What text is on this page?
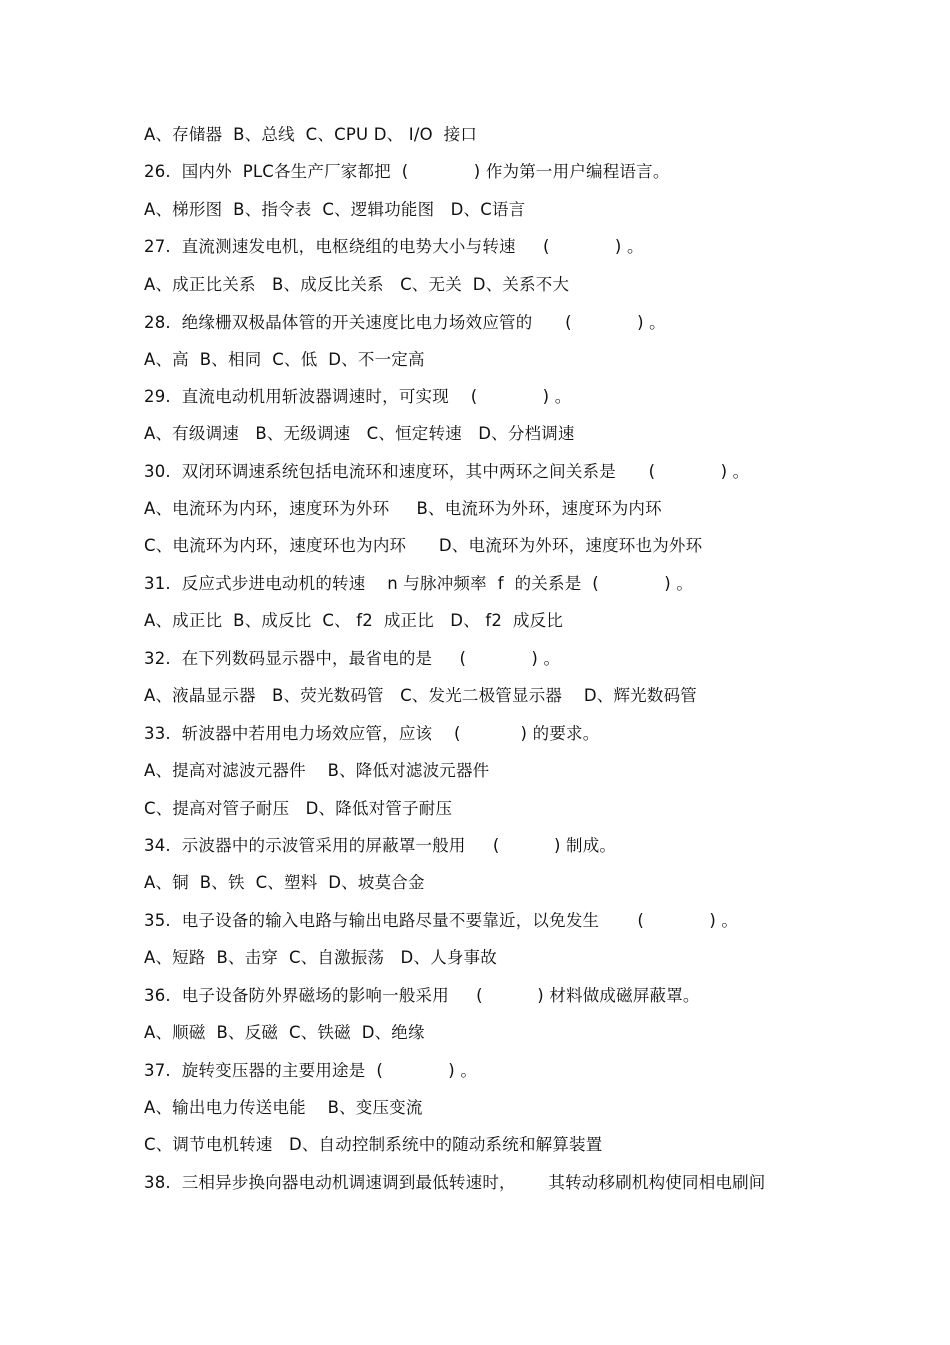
A、存储器  B、总线  C、CPU D、 I/O  接口
26.  国内外  PLC各生产厂家都把  (            ) 作为第一用户编程语言。
A、梯形图  B、指令表  C、逻辑功能图   D、C语言
27.  直流测速发电机，电枢绕组的电势大小与转速     (            ) 。
A、成正比关系   B、成反比关系   C、无关  D、关系不大
28.  绝缘栅双极晶体管的开关速度比电力场效应管的      (            ) 。
A、高  B、相同  C、低  D、不一定高
29.  直流电动机用斩波器调速时，可实现    (            ) 。
A、有级调速   B、无级调速   C、恒定转速   D、分档调速
30.  双闭环调速系统包括电流环和速度环，其中两环之间关系是      (            ) 。
A、电流环为内环，速度环为外环     B、电流环为外环，速度环为内环
C、电流环为内环，速度环也为内环      D、电流环为外环，速度环也为外环
31.  反应式步进电动机的转速    n 与脉冲频率  f  的关系是  (            ) 。
A、成正比  B、成反比  C、 f2  成正比   D、 f2  成反比
32.  在下列数码显示器中，最省电的是     (            ) 。
A、液晶显示器   B、荧光数码管   C、发光二极管显示器    D、辉光数码管
33.  斩波器中若用电力场效应管，应该    (           ) 的要求。
A、提高对滤波元器件    B、降低对滤波元器件
C、提高对管子耐压   D、降低对管子耐压
34.  示波器中的示波管采用的屏蔽罩一般用     (          ) 制成。
A、铜  B、铁  C、塑料  D、坡莫合金
35.  电子设备的输入电路与输出电路尽量不要靠近，以免发生       (            ) 。
A、短路  B、击穿  C、自激振荡   D、人身事故
36.  电子设备防外界磁场的影响一般采用     (          ) 材料做成磁屏蔽罩。
A、顺磁  B、反磁  C、铁磁  D、绝缘
37.  旋转变压器的主要用途是  (            ) 。
A、输出电力传送电能    B、变压变流
C、调节电机转速   D、自动控制系统中的随动系统和解算装置
38.  三相异步换向器电动机调速调到最低转速时，      其转动移刷机构使同相电刷间
